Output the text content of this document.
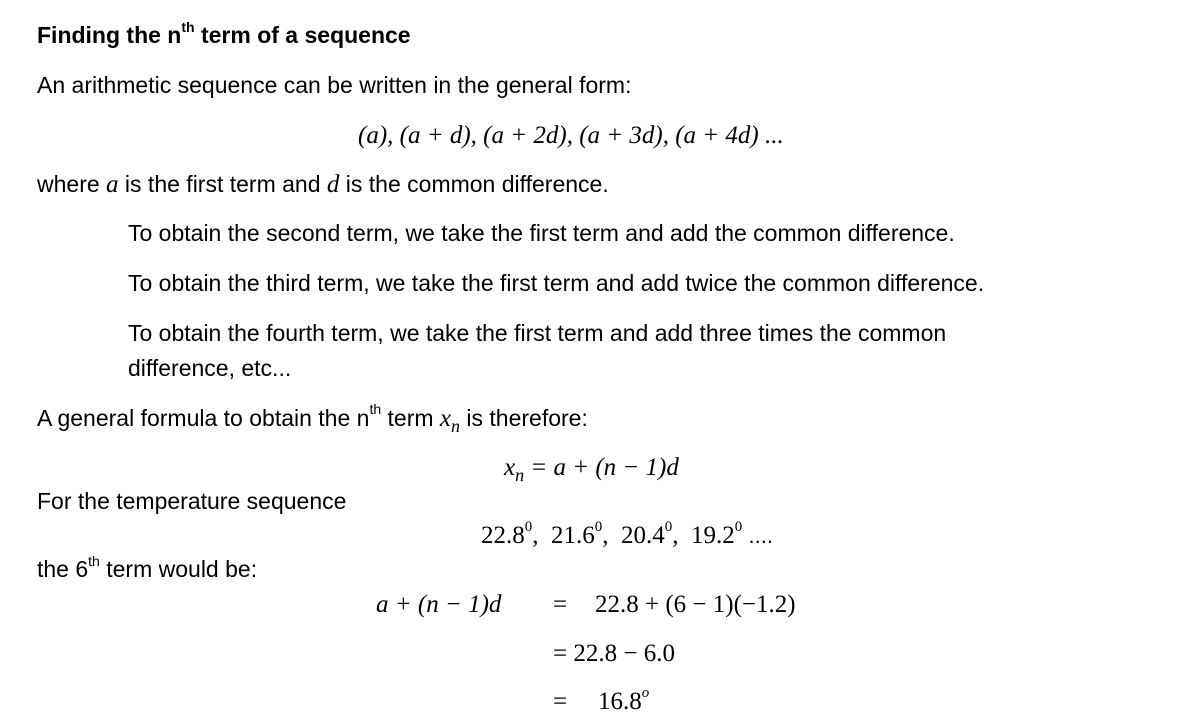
Finding the $n^{th}$ term of a sequence
An arithmetic sequence can be written in the general form:
(a), (a + d), (a + 2d), (a + 3d), (a + 4d) ...
where a is the first term and d is the common difference.
To obtain the second term, we take the first term and add the common difference.
To obtain the third term, we take the first term and add twice the common difference.
To obtain the fourth term, we take the first term and add three times the common
difference, etc...
A general formula to obtain the $n^{th}$ term $x_n$ is therefore:
$x_n = a + (n - 1)d$
For the temperature sequence
22.8$^0$, 21.6$^0$, 20.4$^0$, 19.2$^0$ ....
the 6th term would be:
a + (n − 1)d = 22.8 + (6 − 1)(−1.2)
= 22.8 − 6.0
= $16.8^o$
